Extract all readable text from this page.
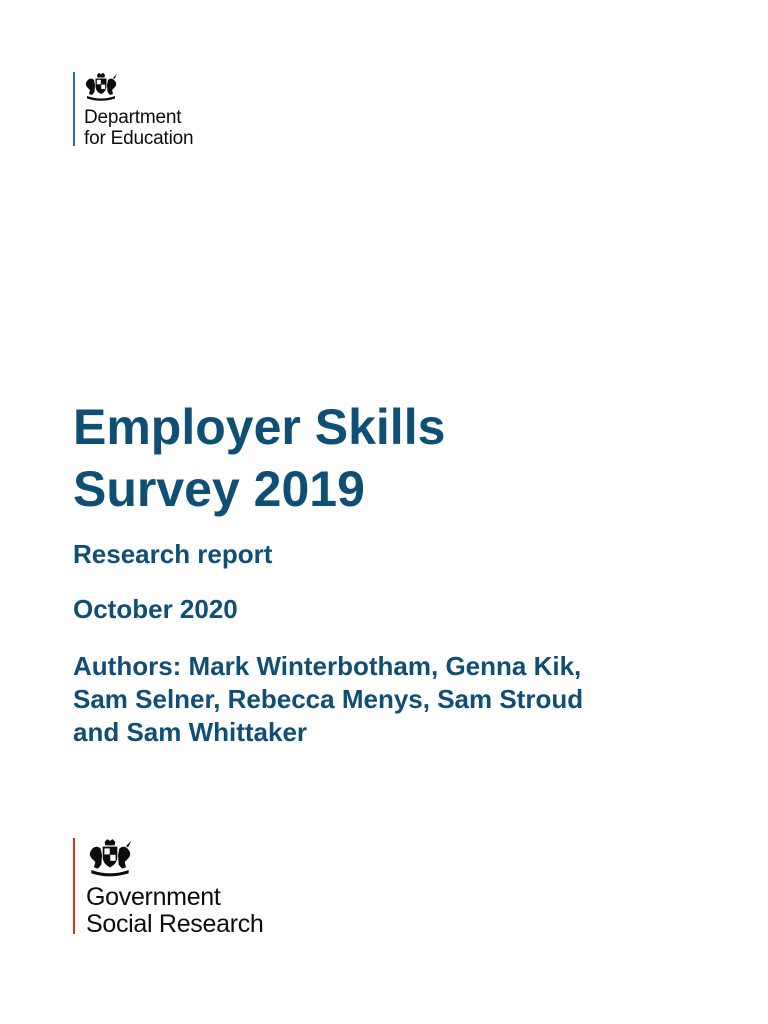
Department
for Education
Employer Skills
Survey 2019

Research report

October 2020

Authors: Mark Winterbotham, Genna Kik,
Sam Selner, Rebecca Menys, Sam Stroud
and Sam Whittaker

Government
Social Research
